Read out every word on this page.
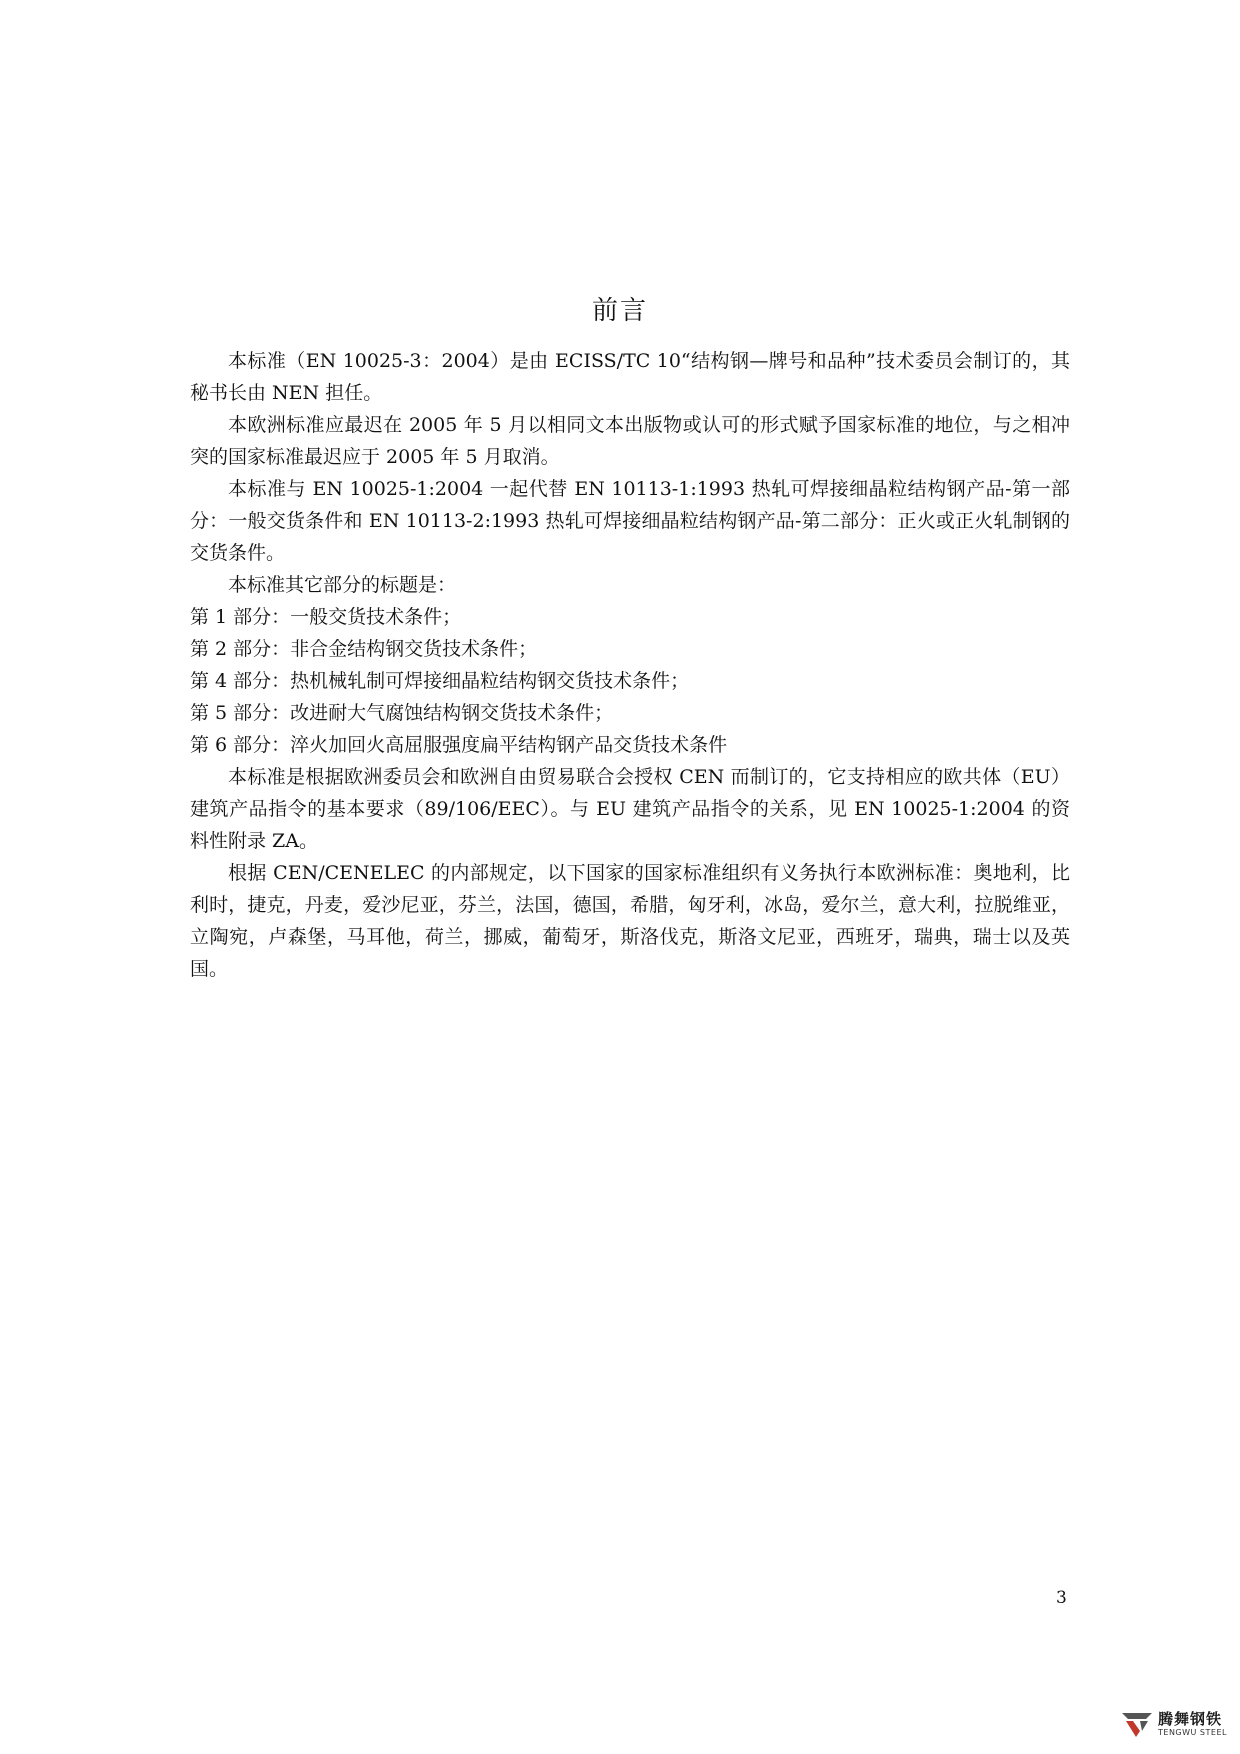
前言

本标准（EN 10025-3：2004）是由 ECISS/TC 10“结构钢—牌号和品种”技术委员会制订的，其秘书长由 NEN 担任。

本欧洲标准应最迟在 2005 年 5 月以相同文本出版物或认可的形式赋予国家标准的地位，与之相冲突的国家标准最迟应于 2005 年 5 月取消。

本标准与 EN 10025-1:2004 一起代替 EN 10113-1:1993 热轧可焊接细晶粒结构钢产品-第一部分：一般交货条件和 EN 10113-2:1993 热轧可焊接细晶粒结构钢产品-第二部分：正火或正火轧制钢的交货条件。

本标准其它部分的标题是：

第 1 部分：一般交货技术条件；

第 2 部分：非合金结构钢交货技术条件；

第 4 部分：热机械轧制可焊接细晶粒结构钢交货技术条件；

第 5 部分：改进耐大气腐蚀结构钢交货技术条件；

第 6 部分：淬火加回火高屈服强度扁平结构钢产品交货技术条件

本标准是根据欧洲委员会和欧洲自由贸易联合会授权 CEN 而制订的，它支持相应的欧共体（EU）建筑产品指令的基本要求（89/106/EEC）。与 EU 建筑产品指令的关系，见 EN 10025-1:2004 的资料性附录 ZA。

根据 CEN/CENELEC 的内部规定，以下国家的国家标准组织有义务执行本欧洲标准：奥地利，比利时，捷克，丹麦，爱沙尼亚，芬兰，法国，德国，希腊，匈牙利，冰岛，爱尔兰，意大利，拉脱维亚，立陶宛，卢森堡，马耳他，荷兰，挪威，葡萄牙，斯洛伐克，斯洛文尼亚，西班牙，瑞典，瑞士以及英国。

3
腾舞钢铁
TENGWU STEEL
